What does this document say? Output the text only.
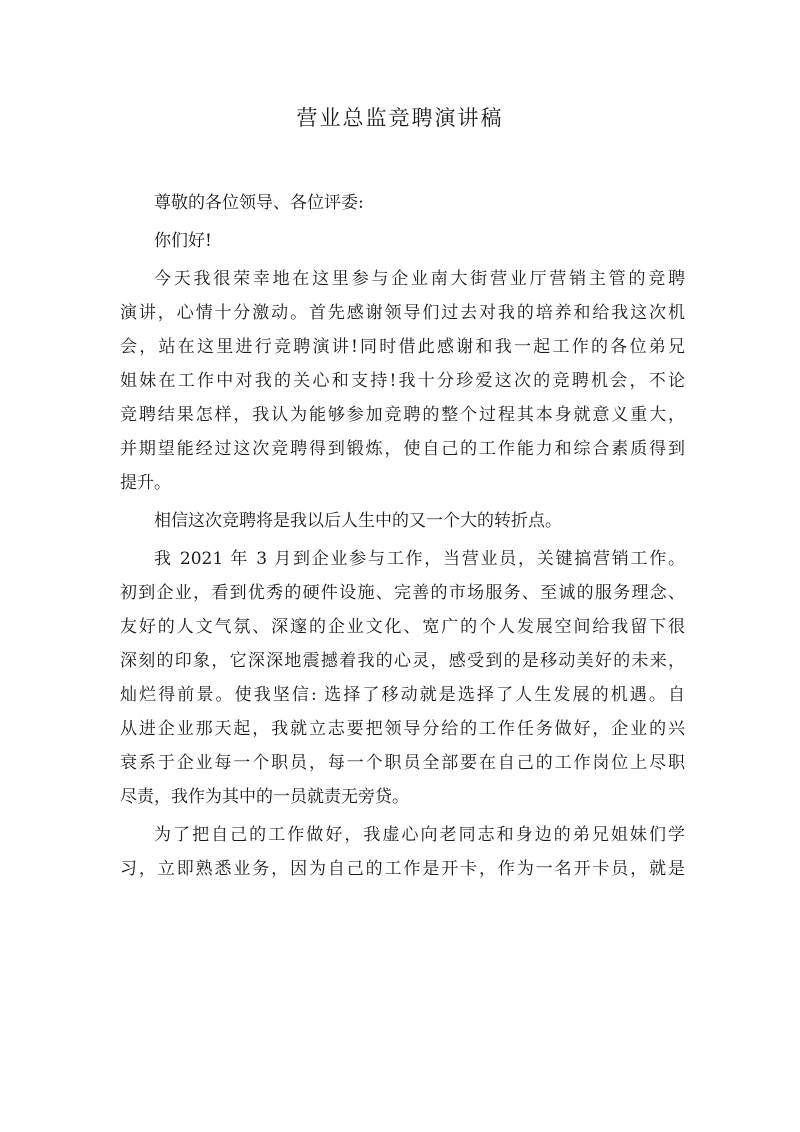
营业总监竞聘演讲稿
尊敬的各位领导、各位评委:
你们好!
今天我很荣幸地在这里参与企业南大街营业厅营销主管的竞聘
演讲，心情十分激动。首先感谢领导们过去对我的培养和给我这次机
会，站在这里进行竞聘演讲!同时借此感谢和我一起工作的各位弟兄
姐妹在工作中对我的关心和支持!我十分珍爱这次的竞聘机会，不论
竞聘结果怎样，我认为能够参加竞聘的整个过程其本身就意义重大，
并期望能经过这次竞聘得到锻炼，使自己的工作能力和综合素质得到
提升。
相信这次竞聘将是我以后人生中的又一个大的转折点。
我 2021 年 3 月到企业参与工作，当营业员，关键搞营销工作。
初到企业，看到优秀的硬件设施、完善的市场服务、至诚的服务理念、
友好的人文气氛、深邃的企业文化、宽广的个人发展空间给我留下很
深刻的印象，它深深地震撼着我的心灵，感受到的是移动美好的未来，
灿烂得前景。使我坚信: 选择了移动就是选择了人生发展的机遇。自
从进企业那天起，我就立志要把领导分给的工作任务做好，企业的兴
衰系于企业每一个职员，每一个职员全部要在自己的工作岗位上尽职
尽责，我作为其中的一员就责无旁贷。
为了把自己的工作做好，我虚心向老同志和身边的弟兄姐妹们学
习，立即熟悉业务，因为自己的工作是开卡，作为一名开卡员，就是
